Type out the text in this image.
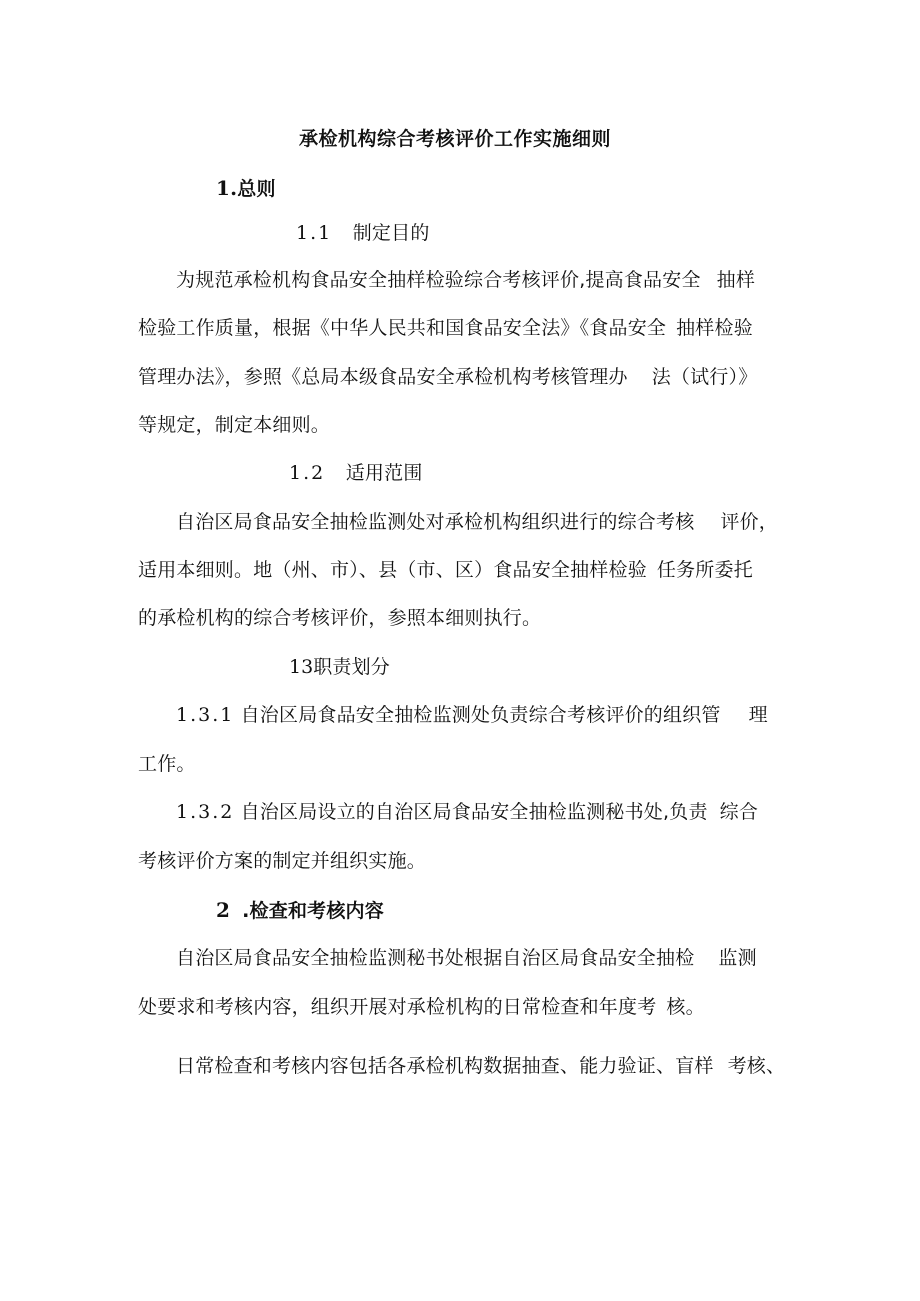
承检机构综合考核评价工作实施细则
1.总则
1.1 制定目的
为规范承检机构食品安全抽样检验综合考核评价,提高食品安全 抽样
检验工作质量，根据《中华人民共和国食品安全法》《食品安全 抽样检验
管理办法》，参照《总局本级食品安全承检机构考核管理办 法（试行）》
等规定，制定本细则。
1.2 适用范围
自治区局食品安全抽检监测处对承检机构组织进行的综合考核 评价，
适用本细则。地（州、市）、县（市、区）食品安全抽样检验 任务所委托
的承检机构的综合考核评价，参照本细则执行。
13职责划分
1.3.1 自治区局食品安全抽检监测处负责综合考核评价的组织管 理
工作。
1.3.2 自治区局设立的自治区局食品安全抽检监测秘书处,负责 综合
考核评价方案的制定并组织实施。
2 .检查和考核内容
自治区局食品安全抽检监测秘书处根据自治区局食品安全抽检 监测
处要求和考核内容，组织开展对承检机构的日常检查和年度考 核。
日常检查和考核内容包括各承检机构数据抽查、能力验证、盲样 考核、
